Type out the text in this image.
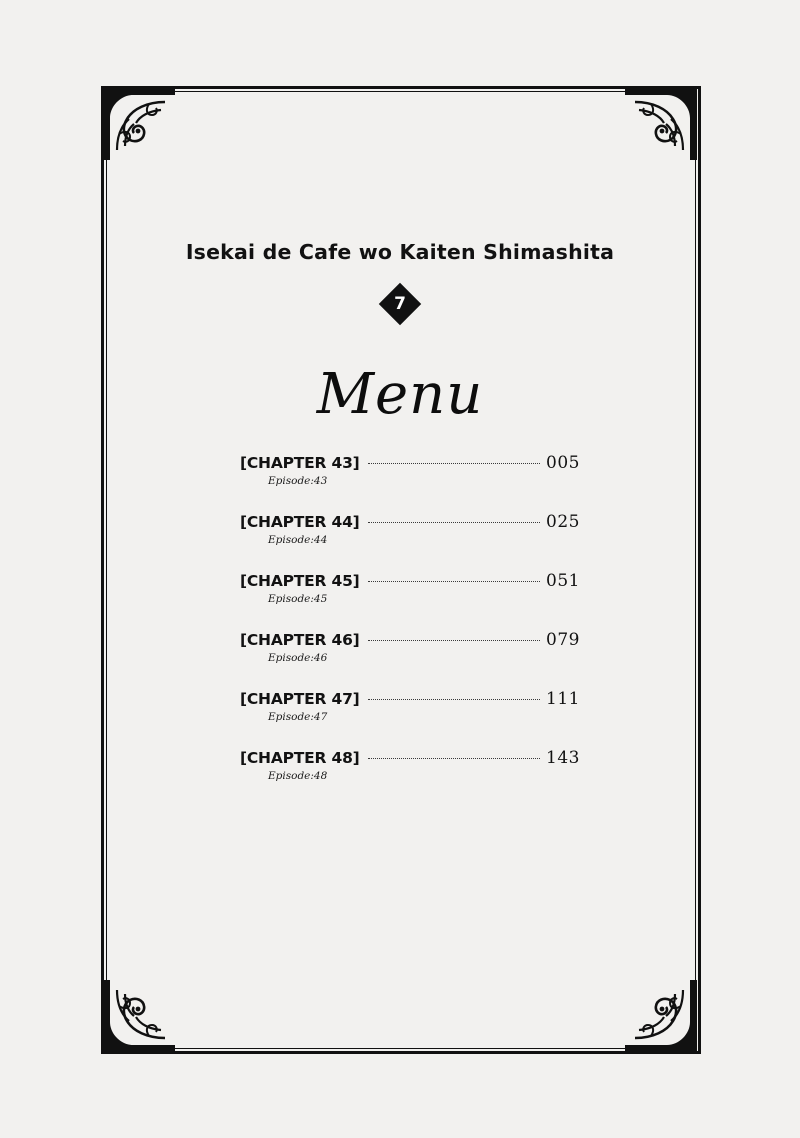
Isekai de Cafe wo Kaiten Shimashita
7
Menu
[CHAPTER 43]	005
Episode:43
[CHAPTER 44]	025
Episode:44
[CHAPTER 45]	051
Episode:45
[CHAPTER 46]	079
Episode:46
[CHAPTER 47]	111
Episode:47
[CHAPTER 48]	143
Episode:48
